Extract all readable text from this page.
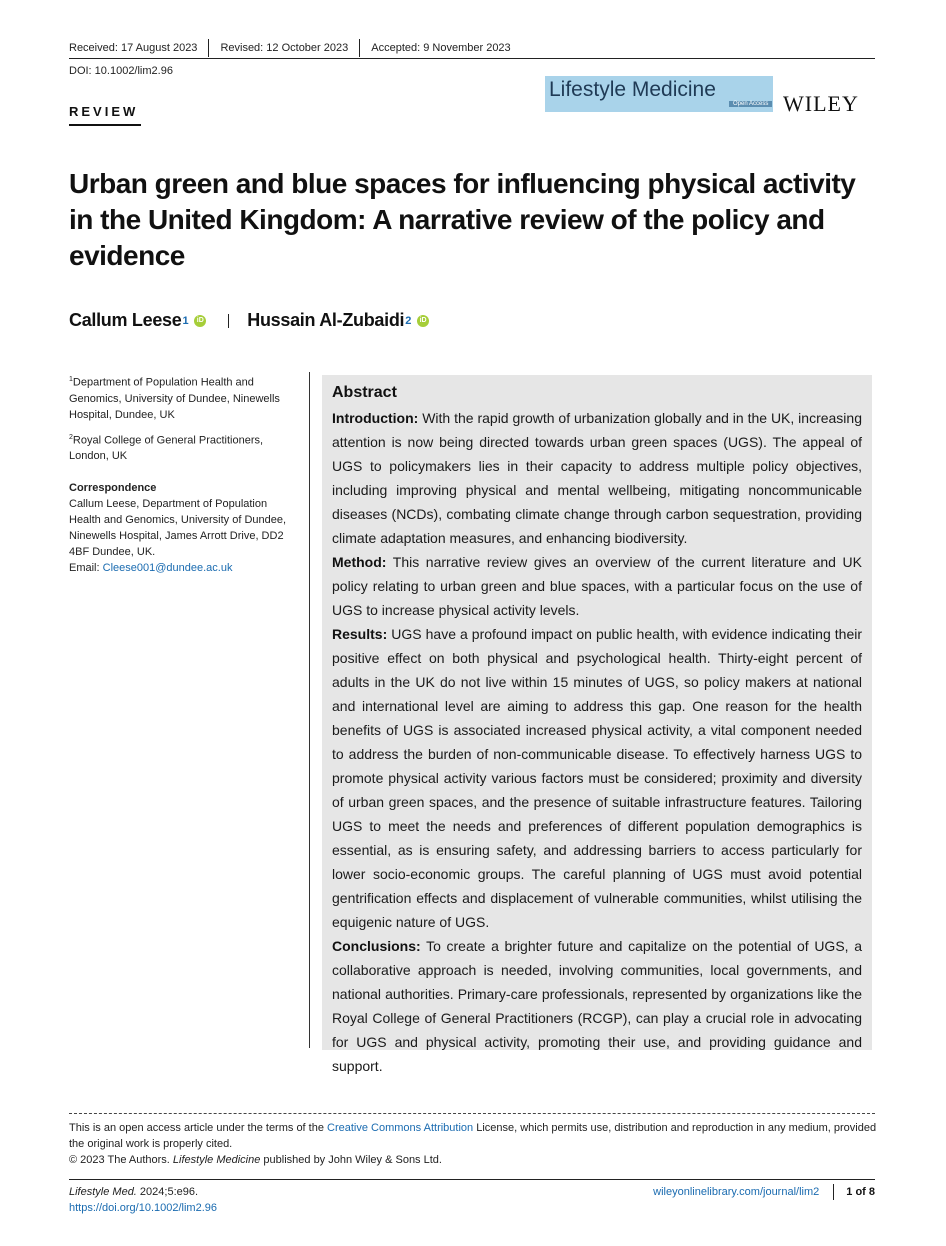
Received: 17 August 2023 Revised: 12 October 2023 Accepted: 9 November 2023
DOI: 10.1002/lim2.96
REVIEW
Lifestyle Medicine
Open Access WILEY
Urban green and blue spaces for influencing physical activity in the United Kingdom: A narrative review of the policy and evidence
Callum Leese 1	iD Hussain Al-Zubaidi 2	iD

$^1$Department of Population Health and Genomics, University of Dundee, Ninewells Hospital, Dundee, UK

$^2$Royal College of General Practitioners, London, UK

Correspondence

Callum Leese, Department of Population Health and Genomics, University of Dundee, Ninewells Hospital, James Arrott Drive, DD2 4BF Dundee, UK.
Email: Cleese001@dundee.ac.uk

Abstract

Introduction: With the rapid growth of urbanization globally and in the UK, increasing attention is now being directed towards urban green spaces (UGS). The appeal of UGS to policymakers lies in their capacity to address multiple policy objectives, including improving physical and mental wellbeing, mitigating noncommunicable diseases (NCDs), combating climate change through carbon sequestration, providing climate adaptation measures, and enhancing biodiversity.

Method: This narrative review gives an overview of the current literature and UK policy relating to urban green and blue spaces, with a particular focus on the use of UGS to increase physical activity levels.

Results: UGS have a profound impact on public health, with evidence indicating their positive effect on both physical and psychological health. Thirty-eight percent of adults in the UK do not live within 15 minutes of UGS, so policy makers at national and international level are aiming to address this gap. One reason for the health benefits of UGS is associated increased physical activity, a vital component needed to address the burden of non-communicable disease. To effectively harness UGS to promote physical activity various factors must be considered; proximity and diversity of urban green spaces, and the presence of suitable infrastructure features. Tailoring UGS to meet the needs and preferences of different population demographics is essential, as is ensuring safety, and addressing barriers to access particularly for lower socio-economic groups. The careful planning of UGS must avoid potential gentrification effects and displacement of vulnerable communities, whilst utilising the equigenic nature of UGS.

Conclusions: To create a brighter future and capitalize on the potential of UGS, a collaborative approach is needed, involving communities, local governments, and national authorities. Primary-care professionals, represented by organizations like the Royal College of General Practitioners (RCGP), can play a crucial role in advocating for UGS and physical activity, promoting their use, and providing guidance and support.

This is an open access article under the terms of the Creative Commons Attribution License, which permits use, distribution and reproduction in any medium, provided the original work is properly cited.

© 2023 The Authors. Lifestyle Medicine published by John Wiley & Sons Ltd.

Lifestyle Med. 2024;5:e96.
https://doi.org/10.1002/lim2.96
wileyonlinelibrary.com/journal/lim2 1 of 8
